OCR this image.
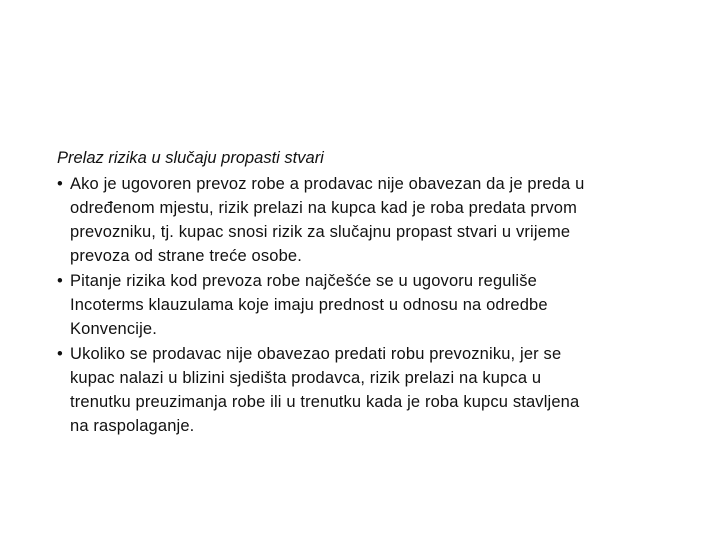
Prelaz rizika u slučaju propasti stvari
• Ako je ugovoren prevoz robe a prodavac nije obavezan da je preda u
određenom mjestu, rizik prelazi na kupca kad je roba predata prvom
prevozniku, tj. kupac snosi rizik za slučajnu propast stvari u vrijeme
prevoza od strane treće osobe.
• Pitanje rizika kod prevoza robe najčešće se u ugovoru reguliše
Incoterms klauzulama koje imaju prednost u odnosu na odredbe
Konvencije.
• Ukoliko se prodavac nije obavezao predati robu prevozniku, jer se
kupac nalazi u blizini sjedišta prodavca, rizik prelazi na kupca u
trenutku preuzimanja robe ili u trenutku kada je roba kupcu stavljena
na raspolaganje.
